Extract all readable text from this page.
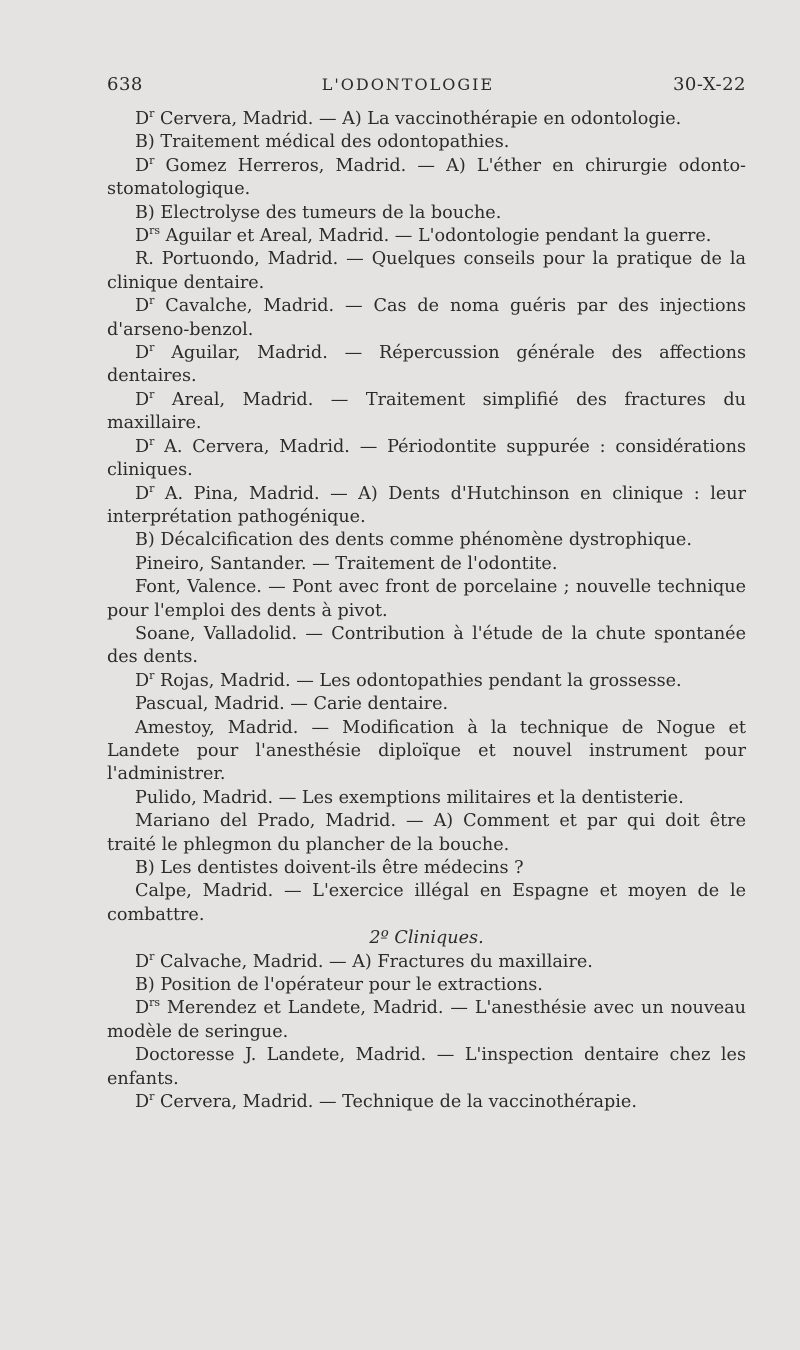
638	L'ODONTOLOGIE	30-X-22

$D^r$ Cervera, Madrid. — A) La vaccinothérapie en odontologie.

B) Traitement médical des odontopathies.

$D^r$ Gomez Herreros, Madrid. — A) L'éther en chirurgie odonto-stomatologique.

B) Electrolyse des tumeurs de la bouche.

$D^{rs}$ Aguilar et Areal, Madrid. — L'odontologie pendant la guerre.

R. Portuondo, Madrid. — Quelques conseils pour la pratique de la clinique dentaire.

$D^r$ Cavalche, Madrid. — Cas de noma guéris par des injections d'arseno-benzol.

$D^r$ Aguilar, Madrid. — Répercussion générale des affections dentaires.

$D^r$ Areal, Madrid. — Traitement simplifié des fractures du maxillaire.

$D^r$ A. Cervera, Madrid. — Périodontite suppurée : considérations cliniques.

$D^r$ A. Pina, Madrid. — A) Dents d'Hutchinson en clinique : leur interprétation pathogénique.

B) Décalcification des dents comme phénomène dystrophique.

Pineiro, Santander. — Traitement de l'odontite.

Font, Valence. — Pont avec front de porcelaine ; nouvelle technique pour l'emploi des dents à pivot.

Soane, Valladolid. — Contribution à l'étude de la chute spontanée des dents.

$D^r$ Rojas, Madrid. — Les odontopathies pendant la grossesse.

Pascual, Madrid. — Carie dentaire.

Amestoy, Madrid. — Modification à la technique de Nogue et Landete pour l'anesthésie diploïque et nouvel instrument pour l'administrer.

Pulido, Madrid. — Les exemptions militaires et la dentisterie.

Mariano del Prado, Madrid. — A) Comment et par qui doit être traité le phlegmon du plancher de la bouche.

B) Les dentistes doivent-ils être médecins ?

Calpe, Madrid. — L'exercice illégal en Espagne et moyen de le combattre.

2º Cliniques.

$D^r$ Calvache, Madrid. — A) Fractures du maxillaire.

B) Position de l'opérateur pour le extractions.

$D^{rs}$ Merendez et Landete, Madrid. — L'anesthésie avec un nouveau modèle de seringue.

Doctoresse J. Landete, Madrid. — L'inspection dentaire chez les enfants.

$D^r$ Cervera, Madrid. — Technique de la vaccinothérapie.
